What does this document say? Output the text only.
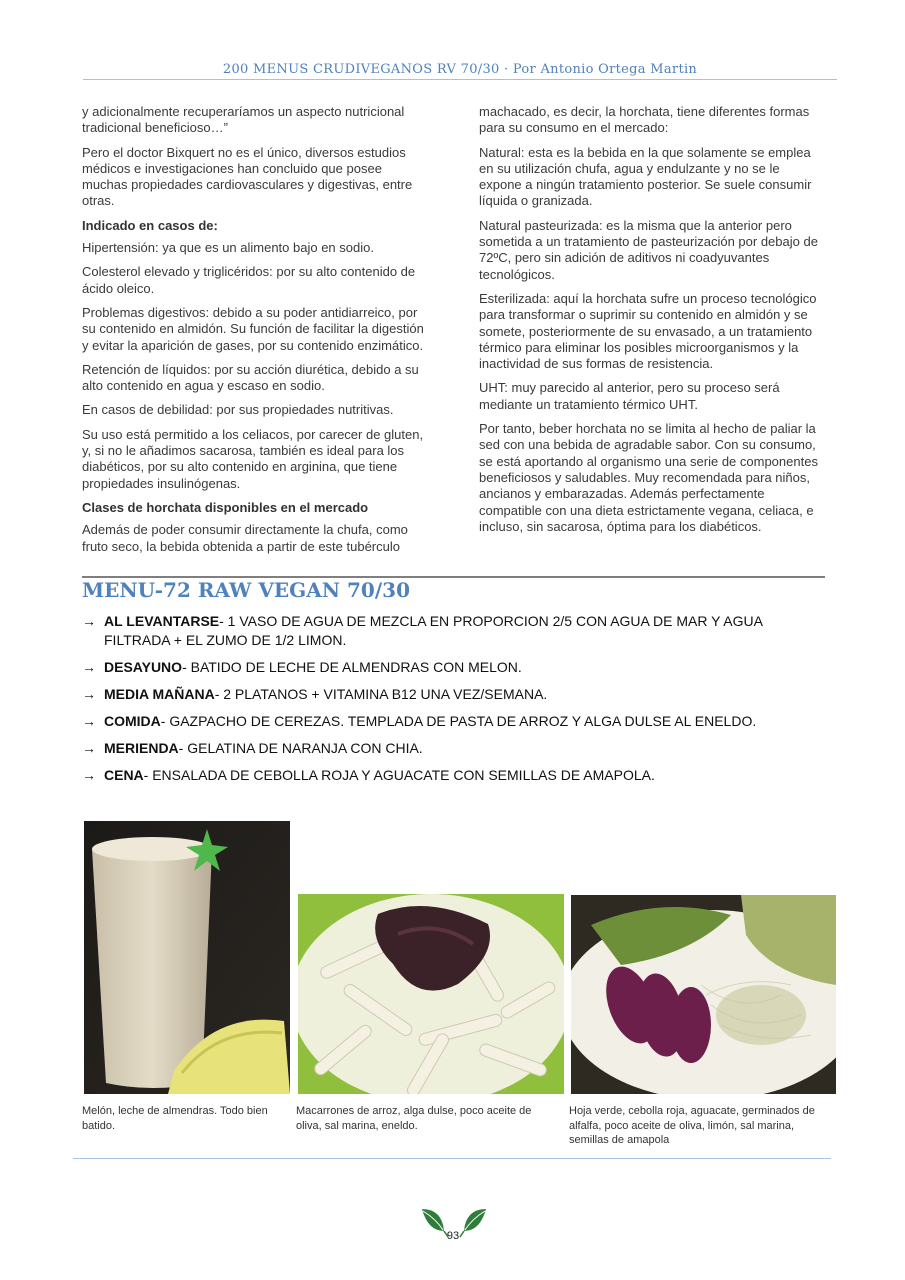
200 MENUS CRUDIVEGANOS RV 70/30 · Por Antonio Ortega Martin

y adicionalmente recuperaríamos un aspecto nutricional tradicional beneficioso…”

Pero el doctor Bixquert no es el único, diversos estudios médicos e investigaciones han concluido que posee muchas propiedades cardiovasculares y digestivas, entre otras.

Indicado en casos de:

Hipertensión: ya que es un alimento bajo en sodio.

Colesterol elevado y triglicéridos: por su alto contenido de ácido oleico.

Problemas digestivos: debido a su poder antidiarreico, por su contenido en almidón. Su función de facilitar la digestión y evitar la aparición de gases, por su contenido enzimático.

Retención de líquidos: por su acción diurética, debido a su alto contenido en agua y escaso en sodio.

En casos de debilidad: por sus propiedades nutritivas.

Su uso está permitido a los celiacos, por carecer de gluten, y, si no le añadimos sacarosa, también es ideal para los diabéticos, por su alto contenido en arginina, que tiene propiedades insulinógenas.

Clases de horchata disponibles en el mercado

Además de poder consumir directamente la chufa, como fruto seco, la bebida obtenida a partir de este tubérculo

machacado, es decir, la horchata, tiene diferentes formas para su consumo en el mercado:

Natural: esta es la bebida en la que solamente se emplea en su utilización chufa, agua y endulzante y no se le expone a ningún tratamiento posterior. Se suele consumir líquida o granizada.

Natural pasteurizada: es la misma que la anterior pero sometida a un tratamiento de pasteurización por debajo de 72ºC, pero sin adición de aditivos ni coadyuvantes tecnológicos.

Esterilizada: aquí la horchata sufre un proceso tecnológico para transformar o suprimir su contenido en almidón y se somete, posteriormente de su envasado, a un tratamiento térmico para eliminar los posibles microorganismos y la inactividad de sus formas de resistencia.

UHT: muy parecido al anterior, pero su proceso será mediante un tratamiento térmico UHT.

Por tanto, beber horchata no se limita al hecho de paliar la sed con una bebida de agradable sabor. Con su consumo, se está aportando al organismo una serie de componentes beneficiosos y saludables. Muy recomendada para niños, ancianos y embarazadas. Además perfectamente compatible con una dieta estrictamente vegana, celiaca, e incluso, sin sacarosa, óptima para los diabéticos.

MENU-72 RAW VEGAN 70/30
→ AL LEVANTARSE- 1 VASO DE AGUA DE MEZCLA EN PROPORCION 2/5 CON AGUA DE MAR Y AGUA FILTRADA + EL ZUMO DE 1/2 LIMON.
→ DESAYUNO- BATIDO DE LECHE DE ALMENDRAS CON MELON.
→ MEDIA MAÑANA- 2 PLATANOS + VITAMINA B12 UNA VEZ/SEMANA.
→ COMIDA- GAZPACHO DE CEREZAS. TEMPLADA DE PASTA DE ARROZ Y ALGA DULSE AL ENELDO.
→ MERIENDA- GELATINA DE NARANJA CON CHIA.
→ CENA- ENSALADA DE CEBOLLA ROJA Y AGUACATE CON SEMILLAS DE AMAPOLA.
Melón, leche de almendras. Todo bien batido.
Macarrones de arroz, alga dulse, poco aceite de oliva, sal marina, eneldo.
Hoja verde, cebolla roja, aguacate, germinados de alfalfa, poco aceite de oliva, limón, sal marina, semillas de amapola
93
